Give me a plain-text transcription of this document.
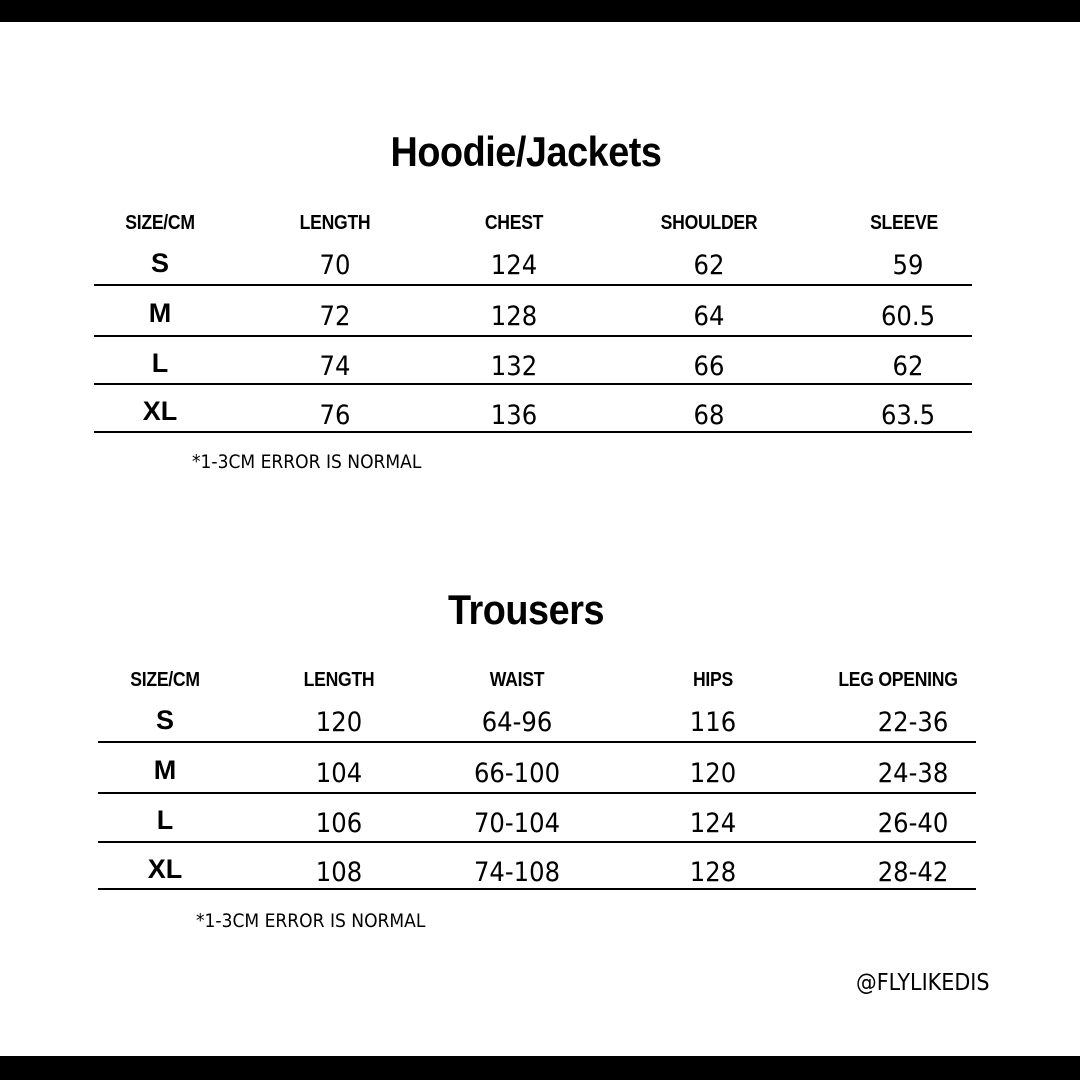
Hoodie/Jackets
SIZE/CM	LENGTH	CHEST	SHOULDER	SLEEVE
S	70	124	62	59
M	72	128	64	60.5
L	74	132	66	62
XL	76	136	68	63.5
*1-3CM ERROR IS NORMAL
Trousers
SIZE/CM	LENGTH	WAIST	HIPS	LEG OPENING
S	120	64-96	116	22-36
M	104	66-100	120	24-38
L	106	70-104	124	26-40
XL	108	74-108	128	28-42
*1-3CM ERROR IS NORMAL
@FLYLIKEDIS
